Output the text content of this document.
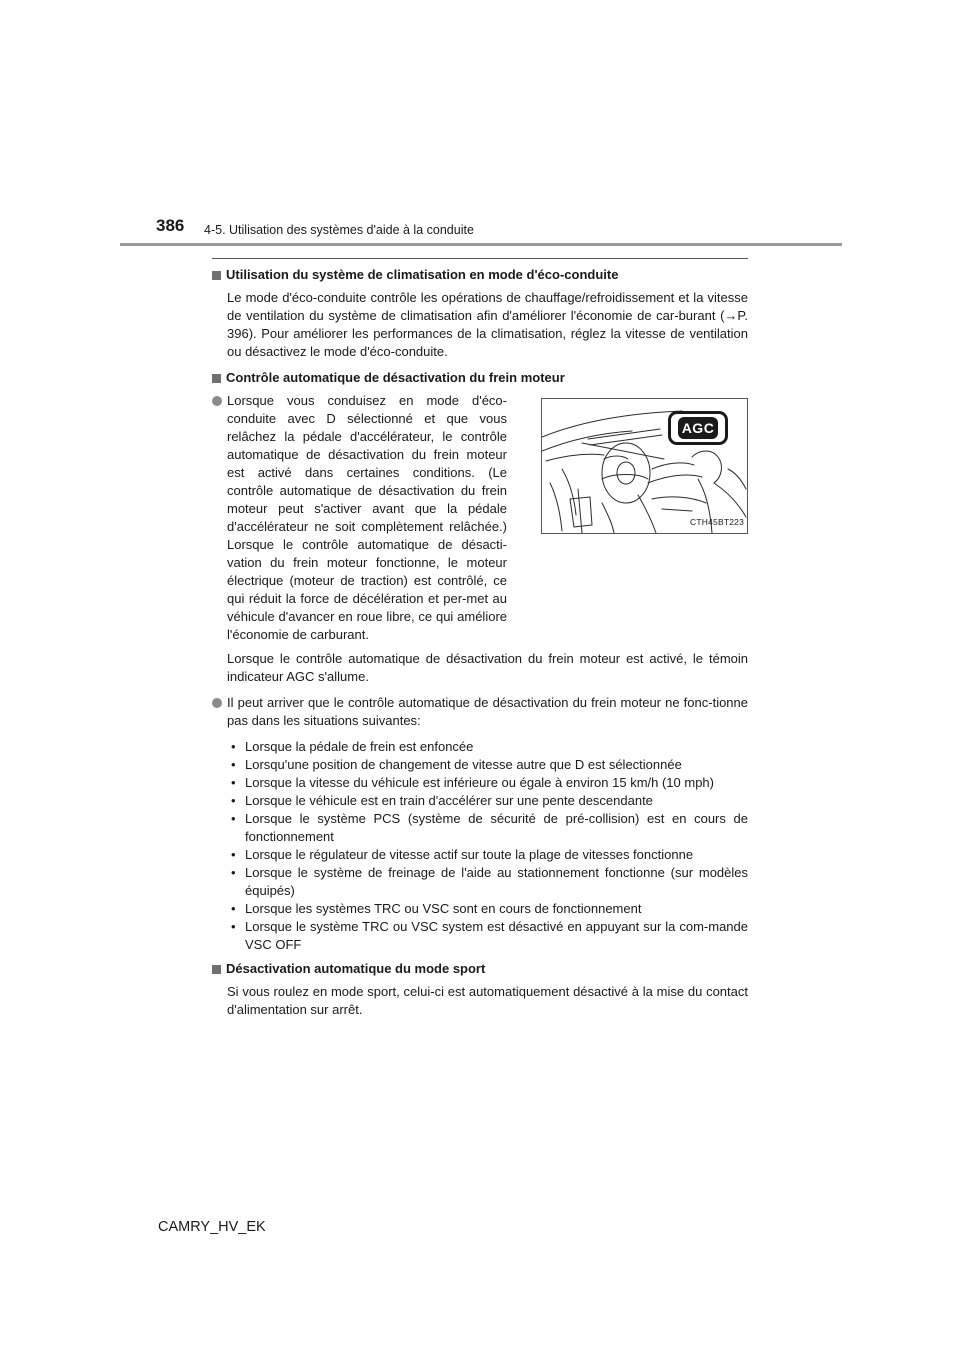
386 4-5. Utilisation des systèmes d'aide à la conduite
Utilisation du système de climatisation en mode d'éco-conduite
Le mode d'éco-conduite contrôle les opérations de chauffage/refroidissement et la vitesse de ventilation du système de climatisation afin d'améliorer l'économie de car-burant (→P. 396). Pour améliorer les performances de la climatisation, réglez la vitesse de ventilation ou désactivez le mode d'éco-conduite.
Contrôle automatique de désactivation du frein moteur
Lorsque vous conduisez en mode d'éco-conduite avec D sélectionné et que vous relâchez la pédale d'accélérateur, le contrôle automatique de désactivation du frein moteur est activé dans certaines conditions. (Le contrôle automatique de désactivation du frein moteur peut s'activer avant que la pédale d'accélérateur ne soit complètement relâchée.) Lorsque le contrôle automatique de désacti-vation du frein moteur fonctionne, le moteur électrique (moteur de traction) est contrôlé, ce qui réduit la force de décélération et per-met au véhicule d'avancer en roue libre, ce qui améliore l'économie de carburant.
AGC
CTH45BT223
Lorsque le contrôle automatique de désactivation du frein moteur est activé, le témoin indicateur AGC s'allume.
Il peut arriver que le contrôle automatique de désactivation du frein moteur ne fonc-tionne pas dans les situations suivantes:
• Lorsque la pédale de frein est enfoncée
• Lorsqu'une position de changement de vitesse autre que D est sélectionnée
• Lorsque la vitesse du véhicule est inférieure ou égale à environ 15 km/h (10 mph)
• Lorsque le véhicule est en train d'accélérer sur une pente descendante
• Lorsque le système PCS (système de sécurité de pré-collision) est en cours de fonctionnement
• Lorsque le régulateur de vitesse actif sur toute la plage de vitesses fonctionne
• Lorsque le système de freinage de l'aide au stationnement fonctionne (sur modèles équipés)
• Lorsque les systèmes TRC ou VSC sont en cours de fonctionnement
• Lorsque le système TRC ou VSC system est désactivé en appuyant sur la com-mande VSC OFF
Désactivation automatique du mode sport
Si vous roulez en mode sport, celui-ci est automatiquement désactivé à la mise du contact d'alimentation sur arrêt.
CAMRY_HV_EK
